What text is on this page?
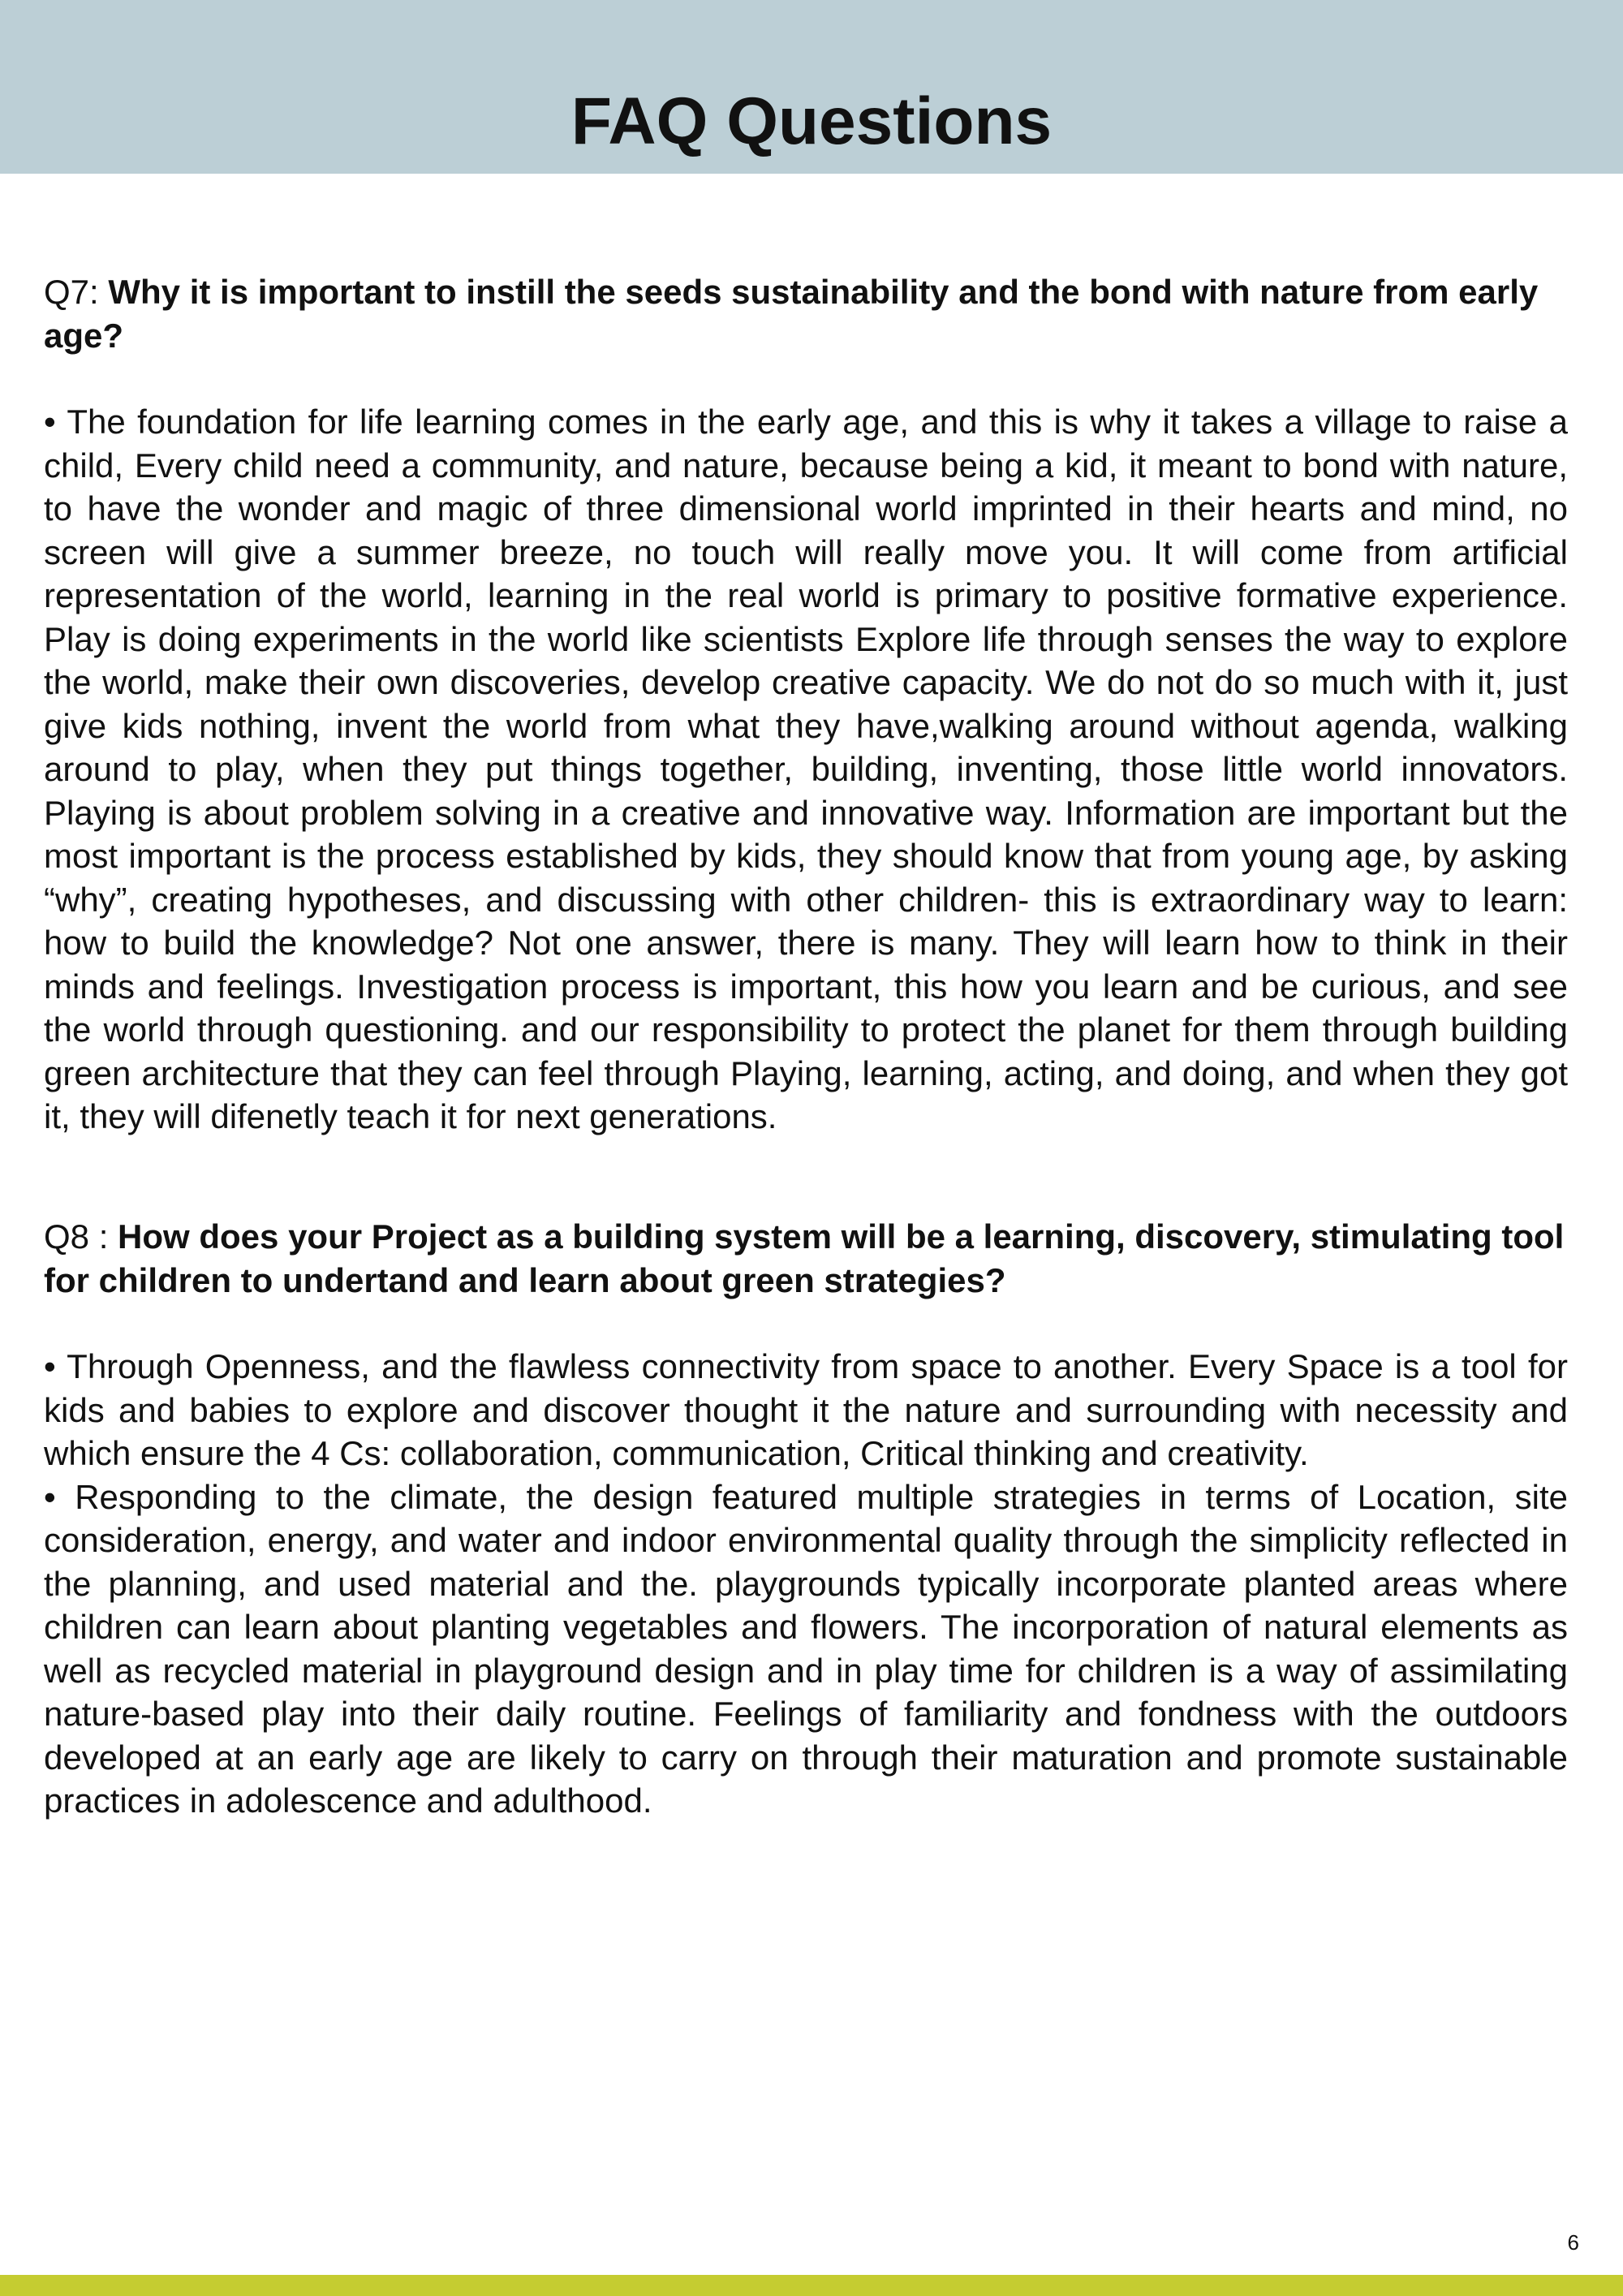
FAQ Questions
Q7: Why it is important to instill the seeds sustainability and the bond with nature from early age?

• The foundation for life learning comes in the early age, and this is why it takes a village to raise a child, Every child need a community, and nature, because being a kid, it meant to bond with nature, to have the wonder and magic of three dimensional world imprinted in their hearts and mind, no screen will give a summer breeze, no touch will really move you. It will come from artificial representation of the world, learning in the real world is primary to positive formative experience. Play is doing experiments in the world like scientists Explore life through senses the way to explore the world, make their own discoveries, develop creative capacity. We do not do so much with it, just give kids nothing, invent the world from what they have,walking around without agenda, walking around to play, when they put things together, building, inventing, those little world innovators. Playing is about problem solving in a creative and innovative way. Information are important but the most important is the process established by kids, they should know that from young age, by asking “why”, creating hypotheses, and discussing with other children- this is extraordinary way to learn: how to build the knowledge? Not one answer, there is many. They will learn how to think in their minds and feelings. Investigation process is important, this how you learn and be curious, and see the world through questioning. and our responsibility to protect the planet for them through building green architecture that they can feel through Playing, learning, acting, and doing, and when they got it, they will difenetly teach it for next generations.

Q8 : How does your Project as a building system will be a learning, discovery, stimulating tool for children to undertand and learn about green strategies?

• Through Openness, and the flawless connectivity from space to another. Every Space is a tool for kids and babies to explore and discover thought it the nature and surrounding with necessity and which ensure the 4 Cs: collaboration, communication, Critical thinking and creativity.

• Responding to the climate, the design featured multiple strategies in terms of Location, site consideration, energy, and water and indoor environmental quality through the simplicity reflected in the planning, and used material and the. playgrounds typically incorporate planted areas where children can learn about planting vegetables and flowers. The incorporation of natural elements as well as recycled material in playground design and in play time for children is a way of assimilating nature-based play into their daily routine. Feelings of familiarity and fondness with the outdoors developed at an early age are likely to carry on through their maturation and promote sustainable practices in adolescence and adulthood.

6
